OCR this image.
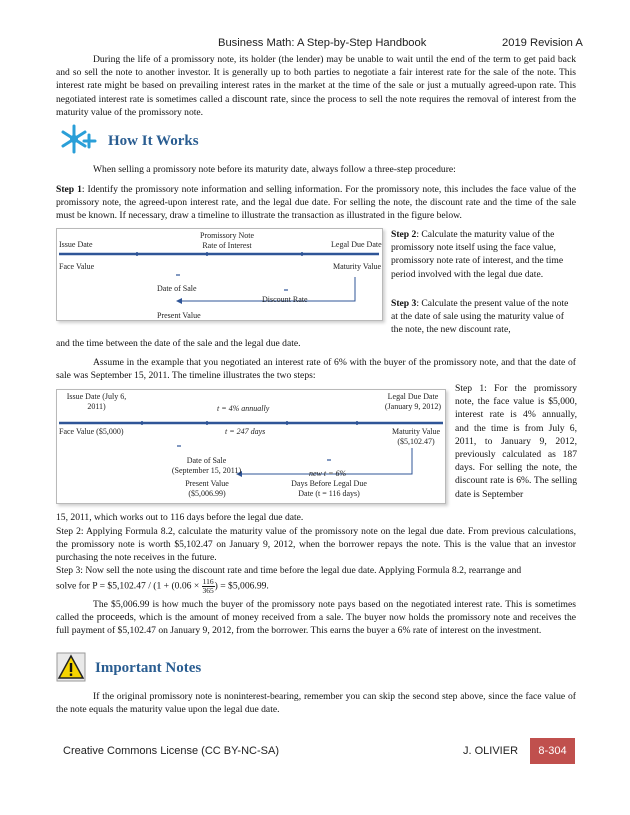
Business Math: A Step-by-Step Handbook	2019 Revision A

During the life of a promissory note, its holder (the lender) may be unable to wait until the end of the term to get paid back and so sell the note to another investor. It is generally up to both parties to negotiate a fair interest rate for the sale of the note. This interest rate might be based on prevailing interest rates in the market at the time of the sale or just a mutually agreed-upon rate. This negotiated interest rate is sometimes called a discount rate, since the process to sell the note requires the removal of interest from the maturity value of the promissory note.

How It Works

When selling a promissory note before its maturity date, always follow a three-step procedure:

Step 1: Identify the promissory note information and selling information. For the promissory note, this includes the face value of the promissory note, the agreed-upon interest rate, and the legal due date. For selling the note, the discount rate and the time of the sale must be known. If necessary, draw a timeline to illustrate the transaction as illustrated in the figure below.

Issue Date
Promissory Note
Rate of Interest	Legal Due Date
Face Value	Maturity Value
Date of Sale
Discount Rate
Present Value
Step 2: Calculate the maturity value of the promissory note itself using the face value, promissory note rate of interest, and the time period involved with the legal due date.
Step 3: Calculate the present value of the note at the date of sale using the maturity value of the note, the new discount rate,

and the time between the date of the sale and the legal due date.

Assume in the example that you negotiated an interest rate of 6% with the buyer of the promissory note, and that the date of sale was September 15, 2011. The timeline illustrates the two steps:

Issue Date (July 6,
2011)	t = 4% annually
Legal Due Date
(January 9, 2012)
Face Value ($5,000)	t = 247 days	Maturity Value
($5,102.47)
Date of Sale
(September 15, 2011)	new t = 6%
Present Value
($5,006.99)
Days Before Legal Due
Date (t = 116 days)
Step 1: For the promissory note, the face value is $5,000, interest rate is 4% annually, and the time is from July 6, 2011, to January 9, 2012, previously calculated as 187 days. For selling the note, the discount rate is 6%. The selling date is September

15, 2011, which works out to 116 days before the legal due date.

Step 2: Applying Formula 8.2, calculate the maturity value of the promissory note on the legal due date. From previous calculations, the promissory note is worth $5,102.47 on January 9, 2012, when the borrower repays the note. This is the value that an investor purchasing the note receives in the future.

Step 3: Now sell the note using the discount rate and time before the legal due date. Applying Formula 8.2, rearrange and

solve for P = $5,102.47 / ($1 + (0.06 \times \frac{116}{365}$ ) = $5,006.99.

The $5,006.99 is how much the buyer of the promissory note pays based on the negotiated interest rate. This is sometimes called the proceeds, which is the amount of money received from a sale. The buyer now holds the promissory note and receives the full payment of $5,102.47 on January 9, 2012, from the borrower. This earns the buyer a 6% rate of interest on the investment.

Important Notes

If the original promissory note is noninterest-bearing, remember you can skip the second step above, since the face value of the note equals the maturity value upon the legal due date.

Creative Commons License (CC BY-NC-SA)	J. OLIVIER	8-304
